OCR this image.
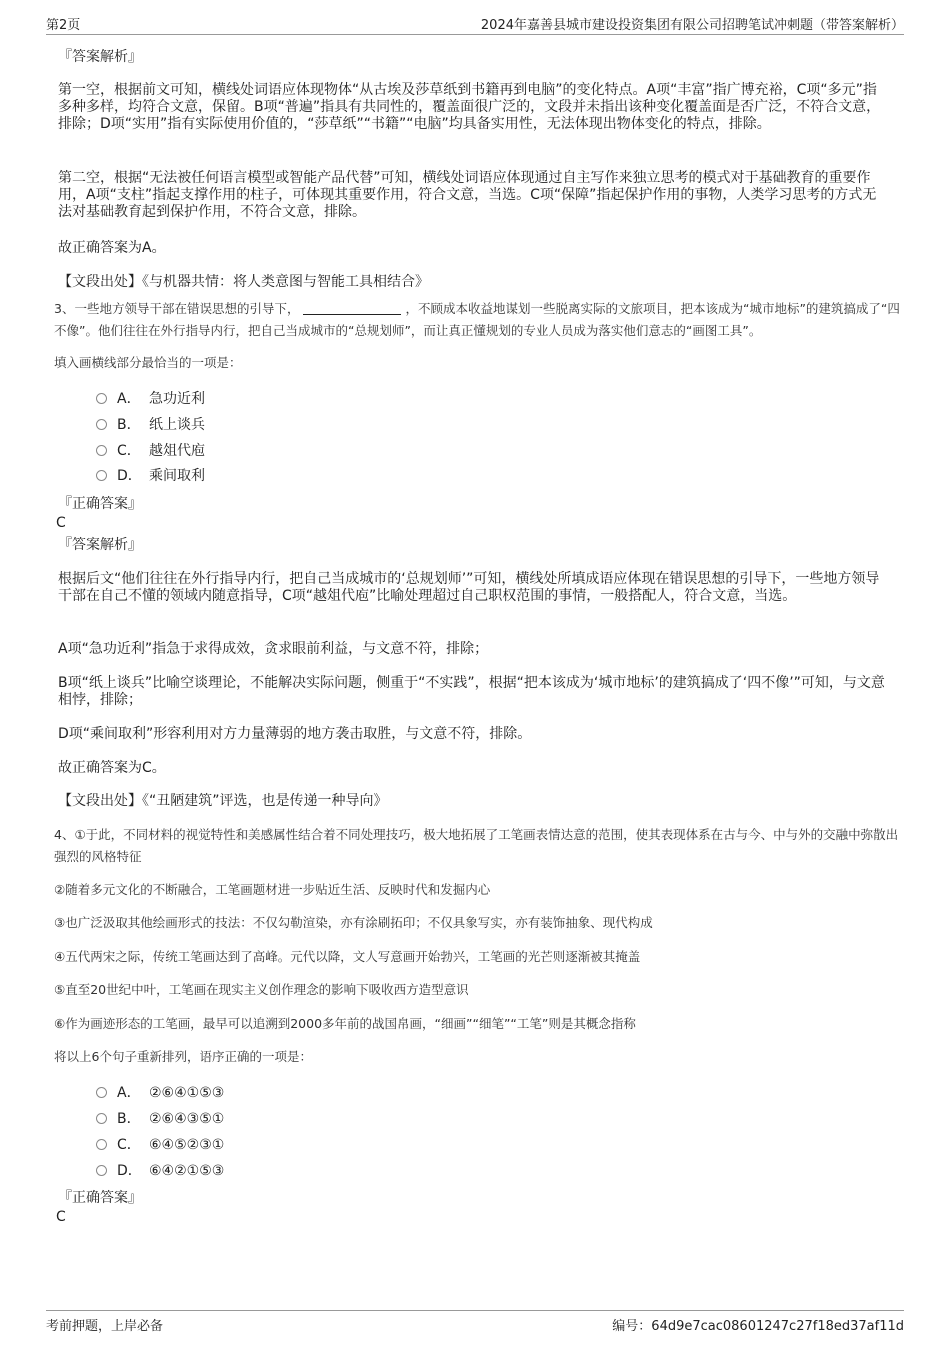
第2页	2024年嘉善县城市建设投资集团有限公司招聘笔试冲刺题（带答案解析）
『答案解析』
第一空，根据前文可知，横线处词语应体现物体“从古埃及莎草纸到书籍再到电脑”的变化特点。A项“丰富”指广博充裕，C项“多元”指多种多样，均符合文意，保留。B项“普遍”指具有共同性的，覆盖面很广泛的，文段并未指出该种变化覆盖面是否广泛，不符合文意，排除；D项“实用”指有实际使用价值的，“莎草纸”“书籍”“电脑”均具备实用性，无法体现出物体变化的特点，排除。
第二空，根据“无法被任何语言模型或智能产品代替”可知，横线处词语应体现通过自主写作来独立思考的模式对于基础教育的重要作用，A项“支柱”指起支撑作用的柱子，可体现其重要作用，符合文意，当选。C项“保障”指起保护作用的事物，人类学习思考的方式无法对基础教育起到保护作用，不符合文意，排除。
故正确答案为A。
【文段出处】《与机器共情：将人类意图与智能工具相结合》
3、一些地方领导干部在错误思想的引导下，	，不顾成本收益地谋划一些脱离实际的文旅项目，把本该成为“城市地标”的建筑搞成了“四不像”。他们往往在外行指导内行，把自己当成城市的“总规划师”，而让真正懂规划的专业人员成为落实他们意志的“画图工具”。
填入画横线部分最恰当的一项是：
A． 急功近利
B． 纸上谈兵
C． 越俎代庖
D． 乘间取利
『正确答案』
C
『答案解析』
根据后文“他们往往在外行指导内行，把自己当成城市的‘总规划师’”可知，横线处所填成语应体现在错误思想的引导下，一些地方领导干部在自己不懂的领域内随意指导，C项“越俎代庖”比喻处理超过自己职权范围的事情，一般搭配人，符合文意，当选。
A项“急功近利”指急于求得成效，贪求眼前利益，与文意不符，排除；
B项“纸上谈兵”比喻空谈理论，不能解决实际问题，侧重于“不实践”，根据“把本该成为‘城市地标’的建筑搞成了‘四不像’”可知，与文意相悖，排除；
D项“乘间取利”形容利用对方力量薄弱的地方袭击取胜，与文意不符，排除。
故正确答案为C。
【文段出处】《“丑陋建筑”评选，也是传递一种导向》
4、①于此，不同材料的视觉特性和美感属性结合着不同处理技巧，极大地拓展了工笔画表情达意的范围，使其表现体系在古与今、中与外的交融中弥散出强烈的风格特征
②随着多元文化的不断融合，工笔画题材进一步贴近生活、反映时代和发掘内心
③也广泛汲取其他绘画形式的技法：不仅勾勒渲染，亦有涂刷拓印；不仅具象写实，亦有装饰抽象、现代构成
④五代两宋之际，传统工笔画达到了高峰。元代以降，文人写意画开始勃兴，工笔画的光芒则逐渐被其掩盖
⑤直至20世纪中叶，工笔画在现实主义创作理念的影响下吸收西方造型意识
⑥作为画迹形态的工笔画，最早可以追溯到2000多年前的战国帛画，“细画”“细笔”“工笔”则是其概念指称
将以上6个句子重新排列，语序正确的一项是：
A． ②⑥④①⑤③
B． ②⑥④③⑤①
C． ⑥④⑤②③①
D． ⑥④②①⑤③
『正确答案』
C
考前押题，上岸必备	编号：64d9e7cac08601247c27f18ed37af11d
